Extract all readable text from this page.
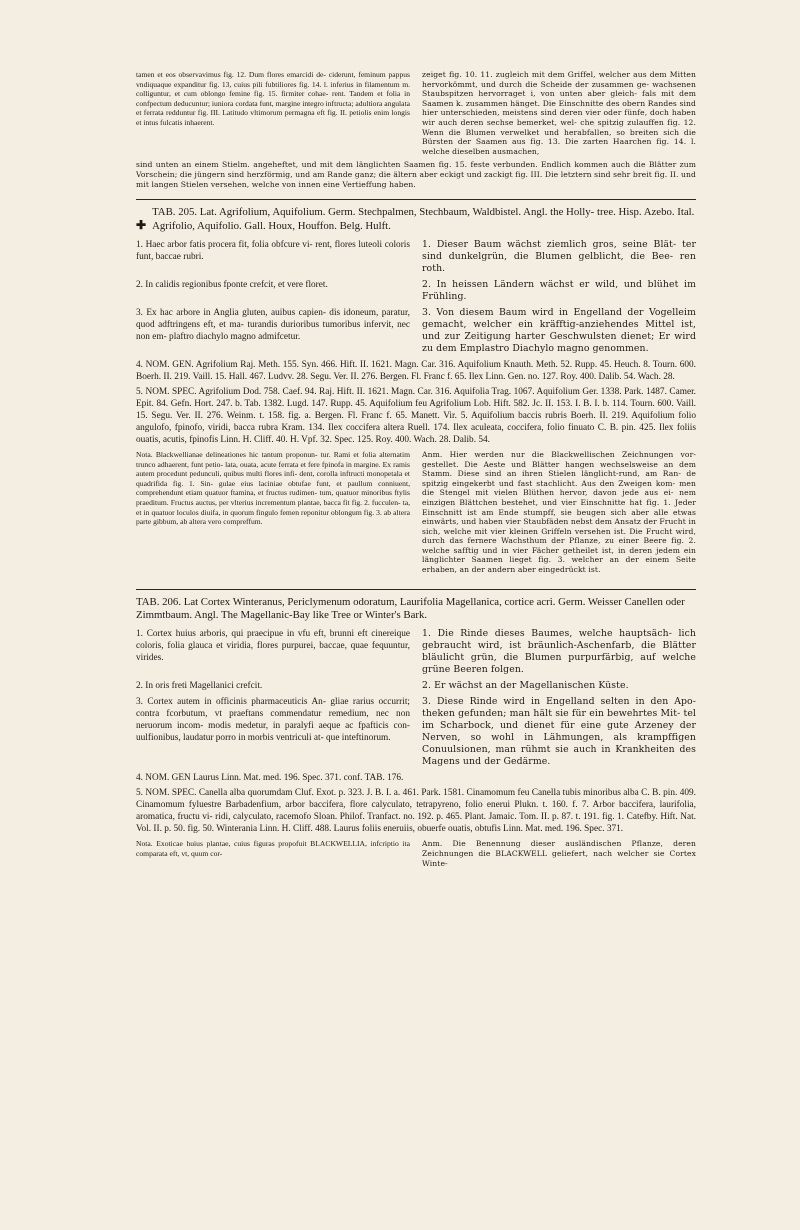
tamen et eos observavimus fig. 12. Dum flores emarcidi de- ciderunt, feminum pappus vndiquaque expanditur fig. 13, cuius pili fubtiliores fig. 14. l. inferius in filamentum m. colliguntur, et cum oblongo femine fig. 15. firmiter cohae- rent. Tandem et folia in confpectum deducuntur; iuniora cordata funt, margine integro inftructa; adultiora angulata et ferrata redduntur fig. III. Latitudo vltimorum permagna eft fig. II. petiolis enim longis et intus fulcatis inhaerent.

zeiget fig. 10. 11. zugleich mit dem Griffel, welcher aus dem Mitten hervorkömmt, und durch die Scheide der zusammen ge- wachsenen Staubspitzen hervorraget i, von unten aber gleich- fals mit dem Saamen k. zusammen hänget. Die Einschnitte des obern Randes sind hier unterschieden, meistens sind deren vier oder fünfe, doch haben wir auch deren sechse bemerket, wel- che spitzig zulauffen fig. 12. Wenn die Blumen verwelket und herabfallen, so breiten sich die Bürsten der Saamen aus fig. 13. Die zarten Haarchen fig. 14. l. welche dieselben ausmachen,

sind unten an einem Stielm. angeheftet, und mit dem länglichten Saamen fig. 15. feste verbunden. Endlich kommen auch die Blätter zum Vorschein; die jüngern sind herzförmig, und am Rande ganz; die ältern aber eckigt und zackigt fig. III. Die letztern sind sehr breit fig. II. und mit langen Stielen versehen, welche von innen eine Vertieffung haben.

✚

TAB. 205. Lat. Agrifolium, Aquifolium. Germ. Stechpalmen, Stechbaum, Waldbistel. Angl. the Holly- tree. Hisp. Azebo. Ital. Agrifolio, Aquifolio. Gall. Houx, Houffon. Belg. Hulft.

1. Haec arbor fatis procera fit, folia obfcure vi- rent, flores luteoli coloris funt, baccae rubri.

1. Dieser Baum wächst ziemlich gros, seine Blät- ter sind dunkelgrün, die Blumen gelblicht, die Bee- ren roth.

2. In calidis regionibus fponte crefcit, et vere floret.	2. In heissen Ländern wächst er wild, und blühet im Frühling.

3. Ex hac arbore in Anglia gluten, auibus capien- dis idoneum, paratur, quod adftringens eft, et ma- turandis durioribus tumoribus infervit, nec non em- plaftro diachylo magno admifcetur.

3. Von diesem Baum wird in Engelland der Vogelleim gemacht, welcher ein kräfftig-anziehendes Mittel ist, und zur Zeitigung harter Geschwulsten dienet; Er wird zu dem Emplastro Diachylo magno genommen.

4. NOM. GEN. Agrifolium Raj. Meth. 155. Syn. 466. Hift. II. 1621. Magn. Car. 316. Aquifolium Knauth. Meth. 52. Rupp. 45. Heuch. 8. Tourn. 600. Boerh. II. 219. Vaill. 15. Hall. 467. Ludvv. 28. Segu. Ver. II. 276. Bergen. Fl. Franc f. 65. Ilex Linn. Gen. no. 127. Roy. 400. Dalib. 54. Wach. 28.

5. NOM. SPEC. Agrifolium Dod. 758. Caef. 94. Raj. Hift. II. 1621. Magn. Car. 316. Aquifolia Trag. 1067. Aquifolium Ger. 1338. Park. 1487. Camer. Epit. 84. Gefn. Hort. 247. b. Tab. 1382. Lugd. 147. Rupp. 45. Aquifolium feu Agrifolium Lob. Hift. 582. Jc. II. 153. I. B. I. b. 114. Tourn. 600. Vaill. 15. Segu. Ver. II. 276. Weinm. t. 158. fig. a. Bergen. Fl. Franc f. 65. Manett. Vir. 5. Aquifolium baccis rubris Boerh. II. 219. Aquifolium folio angulofo, fpinofo, viridi, bacca rubra Kram. 134. Ilex coccifera altera Ruell. 174. Ilex aculeata, coccifera, folio finuato C. B. pin. 425. Ilex foliis ouatis, acutis, fpinofis Linn. H. Cliff. 40. H. Vpf. 32. Spec. 125. Roy. 400. Wach. 28. Dalib. 54.

Nota. Blackwellianae delineationes hic tantum proponun- tur. Rami et folia alternatim trunco adhaerent, funt petio- lata, ouata, acute ferrata et fere fpinofa in margine. Ex ramis autem procedunt pedunculi, quibus multi flores infi- dent, corolla inftructi monopetala et quadrifida fig. 1. Sin- gulae eius laciniae obtufae funt, et paullum conniuent, comprehendunt etiam quatuor ftamina, et fructus rudimen- tum, quatuor minoribus ftylis praeditum. Fructus auctus, per vlterius incrementum plantae, bacca fit fig. 2. fucculen- ta, et in quatuor loculos diuifa, in quorum fingulo femen reponitur oblongum fig. 3. ab altera parte gibbum, ab altera vero compreffum.

Anm. Hier werden nur die Blackwellischen Zeichnungen vor- gestellet. Die Aeste und Blätter hangen wechselsweise an dem Stamm. Diese sind an ihren Stielen länglicht-rund, am Ran- de spitzig eingekerbt und fast stachlicht. Aus den Zweigen kom- men die Stengel mit vielen Blüthen hervor, davon jede aus ei- nem einzigen Blättchen bestehet, und vier Einschnitte hat fig. 1. Jeder Einschnitt ist am Ende stumpff, sie beugen sich aber alle etwas einwärts, und haben vier Staubfäden nebst dem Ansatz der Frucht in sich, welche mit vier kleinen Griffeln versehen ist. Die Frucht wird, durch das fernere Wachsthum der Pflanze, zu einer Beere fig. 2. welche safftig und in vier Fächer getheilet ist, in deren jedem ein länglichter Saamen lieget fig. 3. welcher an der einem Seite erhaben, an der andern aber eingedrückt ist.

TAB. 206. Lat Cortex Winteranus, Periclymenum odoratum, Laurifolia Magellanica, cortice acri. Germ. Weisser Canellen oder Zimmtbaum. Angl. The Magellanic-Bay like Tree or Winter's Bark.

1. Cortex huius arboris, qui praecipue in vfu eft, brunni eft cinereique coloris, folia glauca et viridia, flores purpurei, baccae, quae fequuntur, virides.

1. Die Rinde dieses Baumes, welche hauptsäch- lich gebraucht wird, ist bräunlich-Aschenfarb, die Blätter bläulicht grün, die Blumen purpurfärbig, auf welche grüne Beeren folgen.

2. In oris freti Magellanici crefcit.	2. Er wächst an der Magellanischen Küste.

3. Cortex autem in officinis pharmaceuticis An- gliae rarius occurrit; contra fcorbutum, vt praeftans commendatur remedium, nec non neruorum incom- modis medetur, in paralyfi aeque ac fpafticis con- uulfionibus, laudatur porro in morbis ventriculi at- que inteftinorum.

3. Diese Rinde wird in Engelland selten in den Apo- theken gefunden; man hält sie für ein bewehrtes Mit- tel im Scharbock, und dienet für eine gute Arzeney der Nerven, so wohl in Lähmungen, als krampffigen Conuulsionen, man rühmt sie auch in Krankheiten des Magens und der Gedärme.

4. NOM. GEN Laurus Linn. Mat. med. 196. Spec. 371. conf. TAB. 176.

5. NOM. SPEC. Canella alba quorumdam Cluf. Exot. p. 323. J. B. I. a. 461. Park. 1581. Cinamomum feu Canella tubis minoribus alba C. B. pin. 409. Cinamomum fyluestre Barbadenfium, arbor baccifera, flore calyculato, tetrapyreno, folio enerui Plukn. t. 160. f. 7. Arbor baccifera, laurifolia, aromatica, fructu vi- ridi, calyculato, racemofo Sloan. Philof. Tranfact. no. 192. p. 465. Plant. Jamaic. Tom. II. p. 87. t. 191. fig. 1. Catefby. Hift. Nat. Vol. II. p. 50. fig. 50. Winterania Linn. H. Cliff. 488. Laurus foliis eneruiis, obuerfe ouatis, obtufis Linn. Mat. med. 196. Spec. 371.

Nota. Exoticae huius plantae, cuius figuras propofuit BLACKWELLIA, infcriptio ita comparata eft, vt, quum cor-

Anm. Die Benennung dieser ausländischen Pflanze, deren Zeichnungen die BLACKWELL geliefert, nach welcher sie Cortex Winte-
